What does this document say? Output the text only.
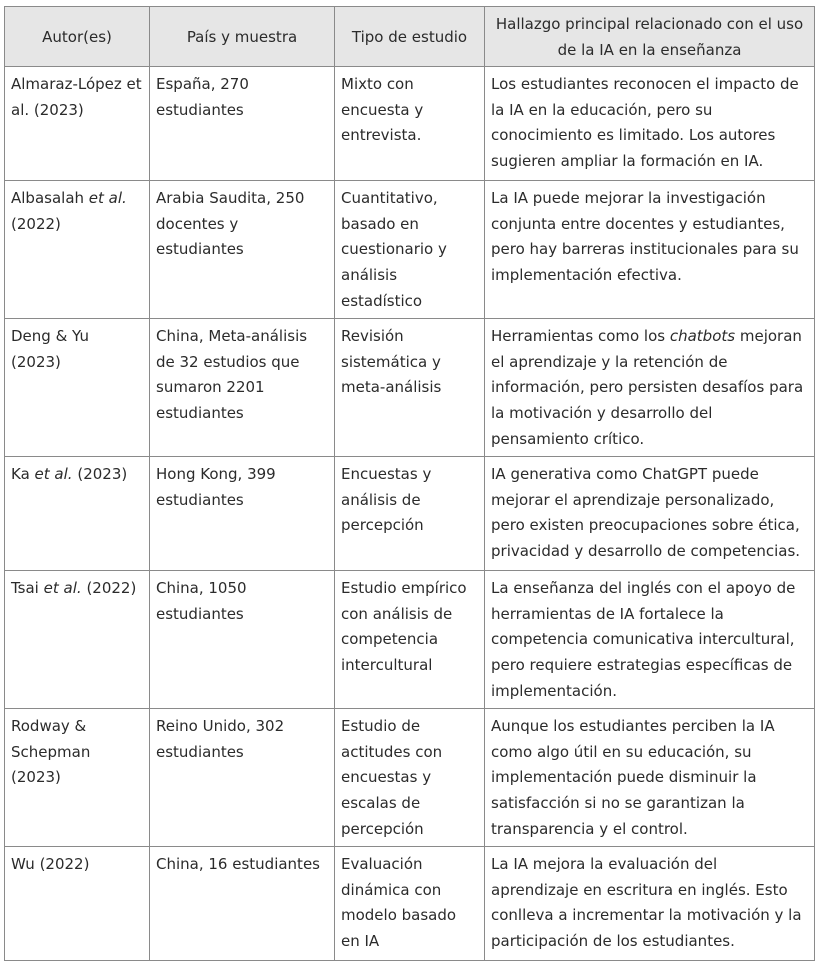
Autor(es)	País y muestra	Tipo de estudio	Hallazgo principal relacionado con el uso de la IA en la enseñanza
Almaraz-López et al. (2023)	España, 270 estudiantes	Mixto con encuesta y entrevista.	Los estudiantes reconocen el impacto de la IA en la educación, pero su conocimiento es limitado. Los autores sugieren ampliar la formación en IA.
Albasalah et al. (2022)	Arabia Saudita, 250 docentes y estudiantes	Cuantitativo, basado en cuestionario y análisis estadístico	La IA puede mejorar la investigación conjunta entre docentes y estudiantes, pero hay barreras institucionales para su implementación efectiva.
Deng & Yu (2023)	China, Meta-análisis de 32 estudios que sumaron 2201 estudiantes	Revisión sistemática y meta-análisis	Herramientas como los chatbots mejoran el aprendizaje y la retención de información, pero persisten desafíos para la motivación y desarrollo del pensamiento crítico.
Ka et al. (2023)	Hong Kong, 399 estudiantes	Encuestas y análisis de percepción	IA generativa como ChatGPT puede mejorar el aprendizaje personalizado, pero existen preocupaciones sobre ética, privacidad y desarrollo de competencias.
Tsai et al. (2022)	China, 1050 estudiantes	Estudio empírico con análisis de competencia intercultural	La enseñanza del inglés con el apoyo de herramientas de IA fortalece la competencia comunicativa intercultural, pero requiere estrategias específicas de implementación.
Rodway & Schepman (2023)	Reino Unido, 302 estudiantes	Estudio de actitudes con encuestas y escalas de percepción	Aunque los estudiantes perciben la IA como algo útil en su educación, su implementación puede disminuir la satisfacción si no se garantizan la transparencia y el control.
Wu (2022)	China, 16 estudiantes	Evaluación dinámica con modelo basado en IA	La IA mejora la evaluación del aprendizaje en escritura en inglés. Esto conlleva a incrementar la motivación y la participación de los estudiantes.
